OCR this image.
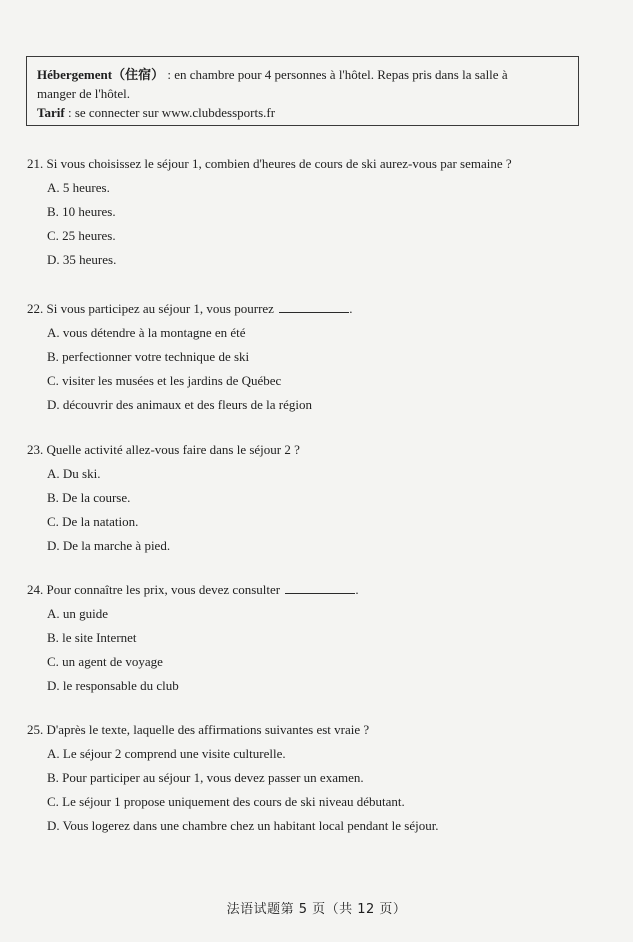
Hébergement（住宿） : en chambre pour 4 personnes à l'hôtel. Repas pris dans la salle à
manger de l'hôtel.
Tarif : se connecter sur www.clubdessports.fr
21. Si vous choisissez le séjour 1, combien d'heures de cours de ski aurez-vous par semaine ?
A. 5 heures.
B. 10 heures.
C. 25 heures.
D. 35 heures.
22. Si vous participez au séjour 1, vous pourrez	.
A. vous détendre à la montagne en été
B. perfectionner votre technique de ski
C. visiter les musées et les jardins de Québec
D. découvrir des animaux et des fleurs de la région
23. Quelle activité allez-vous faire dans le séjour 2 ?
A. Du ski.
B. De la course.
C. De la natation.
D. De la marche à pied.
24. Pour connaître les prix, vous devez consulter	.
A. un guide
B. le site Internet
C. un agent de voyage
D. le responsable du club
25. D'après le texte, laquelle des affirmations suivantes est vraie ?
A. Le séjour 2 comprend une visite culturelle.
B. Pour participer au séjour 1, vous devez passer un examen.
C. Le séjour 1 propose uniquement des cours de ski niveau débutant.
D. Vous logerez dans une chambre chez un habitant local pendant le séjour.
法语试题第 5 页（共 12 页）
